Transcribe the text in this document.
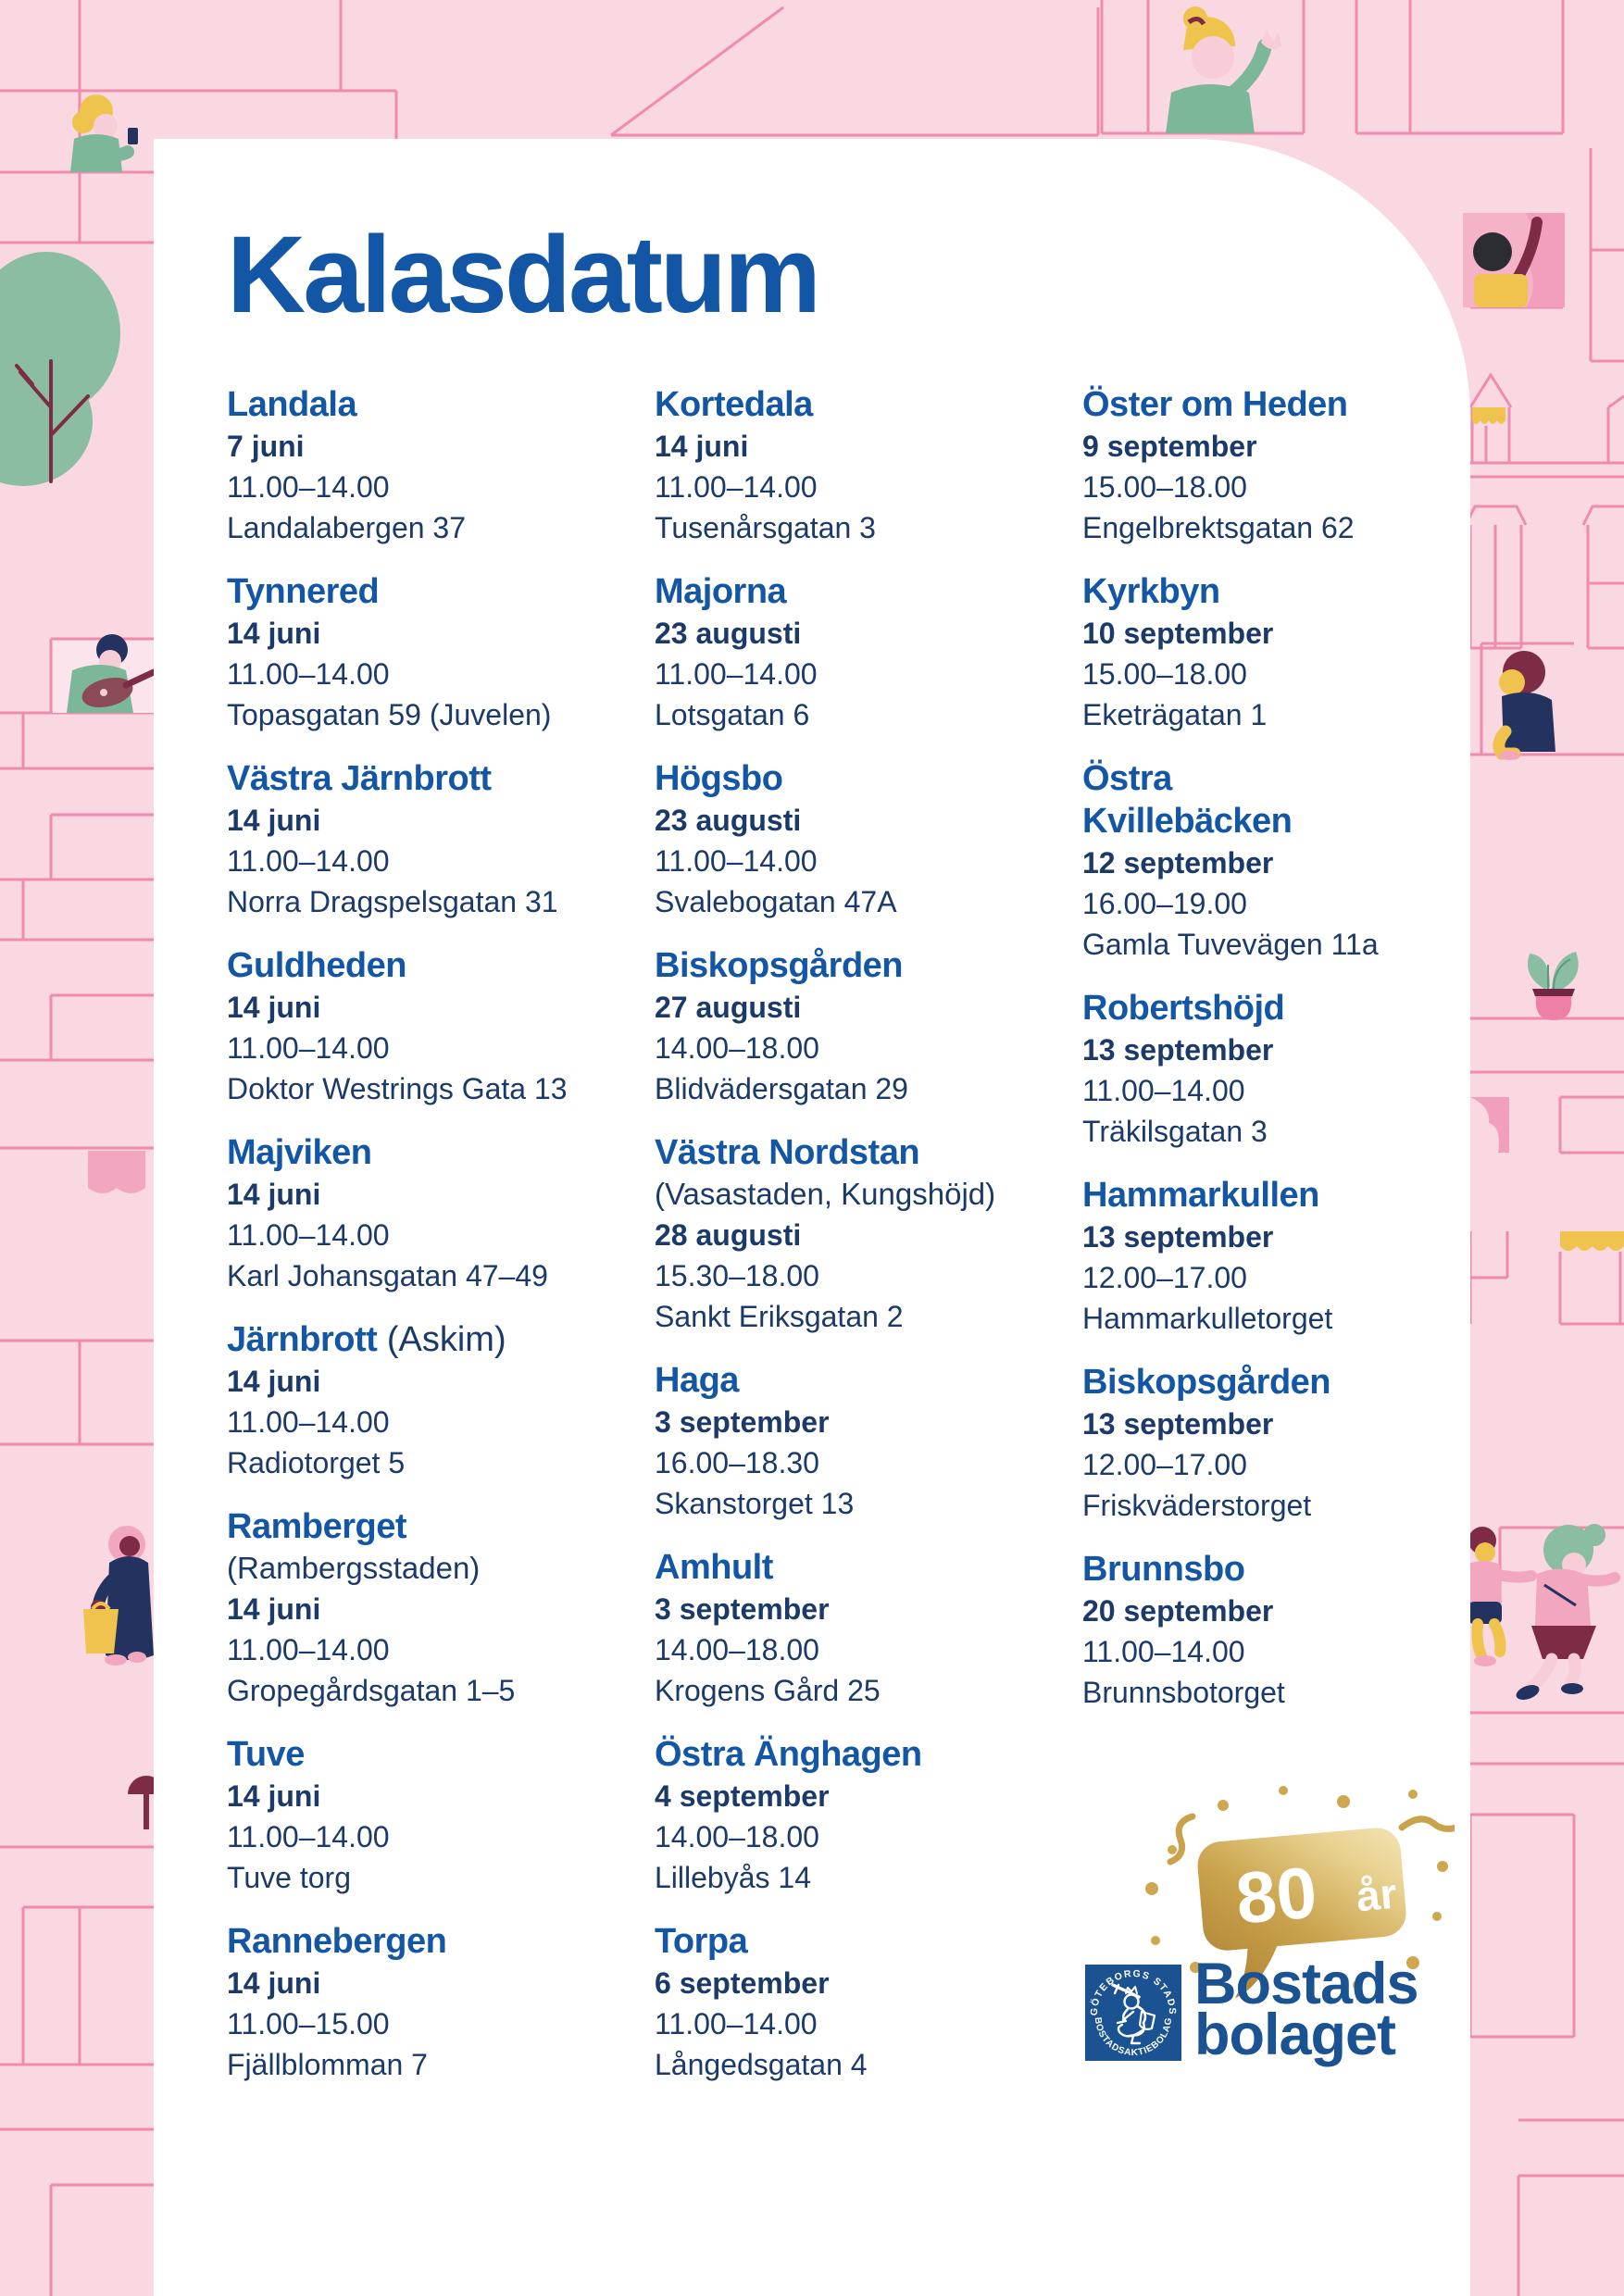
Kalasdatum
Landala
7 juni
11.00–14.00
Landalabergen 37
Tynnered
14 juni
11.00–14.00
Topasgatan 59 (Juvelen)
Västra Järnbrott
14 juni
11.00–14.00
Norra Dragspelsgatan 31
Guldheden
14 juni
11.00–14.00
Doktor Westrings Gata 13
Majviken
14 juni
11.00–14.00
Karl Johansgatan 47–49
Järnbrott (Askim)
14 juni
11.00–14.00
Radiotorget 5
Ramberget
(Rambergsstaden)
14 juni
11.00–14.00
Gropegårdsgatan 1–5
Tuve
14 juni
11.00–14.00
Tuve torg
Rannebergen
14 juni
11.00–15.00
Fjällblomman 7
Kortedala
14 juni
11.00–14.00
Tusenårsgatan 3
Majorna
23 augusti
11.00–14.00
Lotsgatan 6
Högsbo
23 augusti
11.00–14.00
Svalebogatan 47A
Biskopsgården
27 augusti
14.00–18.00
Blidvädersgatan 29
Västra Nordstan
(Vasastaden, Kungshöjd)
28 augusti
15.30–18.00
Sankt Eriksgatan 2
Haga
3 september
16.00–18.30
Skanstorget 13
Amhult
3 september
14.00–18.00
Krogens Gård 25
Östra Änghagen
4 september
14.00–18.00
Lillebyås 14
Torpa
6 september
11.00–14.00
Långedsgatan 4
Öster om Heden
9 september
15.00–18.00
Engelbrektsgatan 62
Kyrkbyn
10 september
15.00–18.00
Eketrägatan 1
Östra
Kvillebäcken
12 september
16.00–19.00
Gamla Tuvevägen 11a
Robertshöjd
13 september
11.00–14.00
Träkilsgatan 3
Hammarkullen
13 september
12.00–17.00
Hammarkulletorget
Biskopsgården
13 september
12.00–17.00
Friskväderstorget
Brunnsbo
20 september
11.00–14.00
Brunnsbotorget
80 år
GÖTEBORGS STADS
BOSTADSAKTIEBOLAG
Bostads
bolaget
